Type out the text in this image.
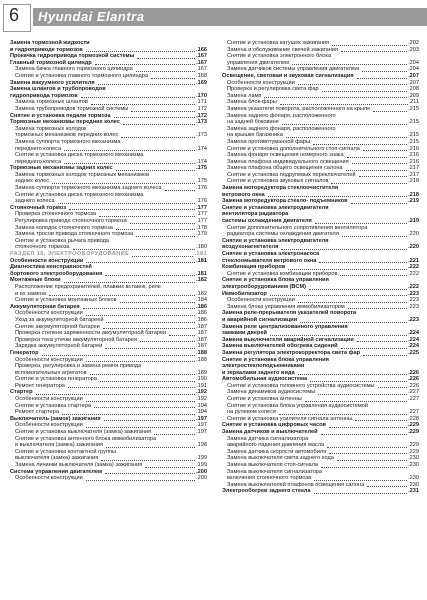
6 Hyundai Elantra
Замена тормозной жидкости
в гидроприводе тормозов	.166
Прокачка гидропривода тормозной системы	.167
Главный тормозной цилиндр	.167
Замена бачка главного тормозного цилиндра	.167
Снятие и установка главного тормозного цилиндра	.168
Замена вакуумного усилителя	.169
Замена шлангов и трубопроводов
гидропривода тормозов	.170
Замена тормозных шлангов	.171
Замена трубопроводов тормозной системы	.172
Снятие и установка педали тормоза	.172
Тормозные механизмы передних колес	.173
Замена тормозных колодок
тормозных механизмов передних колес	.173
Замена суппорта тормозного механизма
переднего колеса	.174
Снятие и установка диска тормозного механизма
переднего колеса	.174
Тормозные механизмы задних колес	.175
Замена тормозных колодок тормозных механизмов
задних колес	.175
Замена суппорта тормозного механизма заднего колеса	.176
Снятие и установка диска тормозного механизма
заднего колеса	.176
Стояночный тормоз	.177
Проверка стояночного тормоза	.177
Регулировка привода стояночного тормоза	.177
Замена колодок стояночного тормоза	.178
Замена тросов привода стояночного тормоза	.179
Снятие и установка рычага привода
стояночного тормоза	.180
РАЗДЕЛ 10. ЭЛЕКТРООБОРУДОВАНИЕ	.181
Особенности конструкции	.181
Диагностика неисправностей
бортового электрооборудования	.181
Монтажные блоки	.182
Расположение предохранителей, плавких вставок, реле
и их замена	.182
Снятие и установка монтажных блоков	.184
Аккумуляторная батарея	.186
Особенности конструкции	.186
Уход за аккумуляторной батареей	.186
Снятие аккумуляторной батареи	.187
Проверка степени заряженности аккумуляторной батареи	.187
Проверка тока утечки аккумуляторной батареи	.187
Зарядка аккумуляторной батареи	.187
Генератор	.188
Особенности конструкции	.188
Проверка, регулировка и замена ремня привода
вспомогательных агрегатов	.189
Снятие и установка генератора	.190
Ремонт генератора	.191
Стартер	.192
Особенности конструкции	.192
Снятие и установка стартера	.194
Ремонт стартера	.194
Выключатель (замок) зажигания	.197
Особенности конструкции	.197
Снятие и установка выключателя (замка) зажигания	.197
Снятие и установка антенного блока иммобилизатора
и выключателя (замка) зажигания	.198
Снятие и установка контактной группы
выключателя (замка) зажигания	.199
Замена личинки выключателя (замка) зажигания	.199
Система управления двигателем	.200
Особенности конструкции	.200
Снятие и установка катушек зажигания	.202
Замена и обслуживание свечей зажигания	.203
Снятие и установка электронного блока
управления двигателем	.204
Замена датчиков системы управления двигателем	.204
Освещение, световая и звуковая сигнализация	.207
Особенности конструкции	.207
Проверка и регулировка света фар	.208
Замена ламп	.209
Замена блок-фары	.211
Замена указателя поворота, расположенного на крыле	.215
Замена заднего фонаря, расположенного
на задней боковине	.215
Замена заднего фонаря, расположенного
на крышке багажника	.215
Замена противотуманной фары	.215
Снятие и установка дополнительного стоп-сигнала	.216
Замена фонаря освещения номерного знака	.216
Замена плафона индивидуального освещения	.216
Замена плафона общего освещения салона	.217
Снятие и установка подрулевых переключателей	.217
Снятие и установка звуковых сигналов	.218
Замена моторедуктора стеклоочистителя
ветрового окна	.218
Замена моторедуктора стекло- подъемников	.219
Снятие и установка электродвигателя
вентилятора радиатора
системы охлаждения двигателя	.219
Снятие дополнительного сопротивления вентилятора
радиатора системы охлаждения двигателя	.220
Снятие и установка электродвигателя
воздухонагнетателя	.220
Снятие и установка электронасоса
стеклоомывателя ветрового окна	.221
Комбинация приборов	.222
Снятие и установка комбинации приборов	.222
Снятие и установка блока управления
электрооборудованием (BCM)	.222
Иммобилизатор	.223
Особенности конструкции	.223
Замена блока управления иммобилизатором	.223
Замена реле-прерывателя указателей поворота
и аварийной сигнализации	.223
Замена реле централизованного управления
замками дверей	.224
Замена выключателя аварийной сигнализации	.224
Замена выключателей обогрева сидений	.224
Замена регулятора электрокорректора света фар	.225
Снятие и установка блока управления
электростеклоподъемниками
и зеркалами заднего вида	.226
Автомобильная аудиосистема	.226
Снятие и установка головного устройства аудиосистемы	.226
Замена динамиков аудиосистемы	.227
Снятие и установка антенны	.227
Снятие и установка блока управления аудиосистемой
на рулевом колесе	.227
Снятие и установка усилителя сигнала антенны	.228
Снятие и установка цифровых часов	.229
Замена датчиков и выключателей	.229
Замена датчика сигнализатора
аварийного падения давления масла	.229
Замена датчика скорости автомобиля	.229
Замена выключателя света заднего хода	.230
Замена выключателя стоп-сигнала	.230
Замена выключателя сигнализатора
включения стояночного тормоза	.230
Замена выключателей плафонов освещения салона	.230
Электрообогрев заднего стекла	.231
